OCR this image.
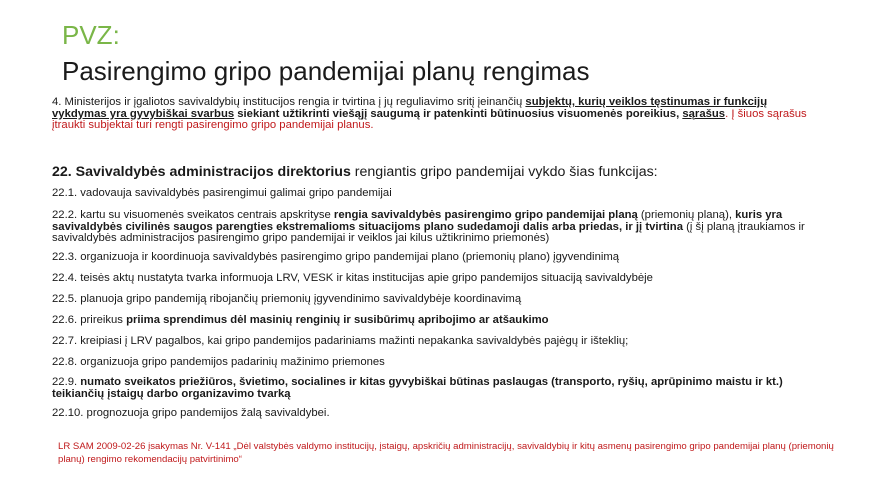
PVZ:
Pasirengimo gripo pandemijai planų rengimas
4. Ministerijos ir įgaliotos savivaldybių institucijos rengia ir tvirtina į jų reguliavimo sritį įeinančių subjektų, kurių veiklos tęstinumas ir funkcijų vykdymas yra gyvybiškai svarbus siekiant užtikrinti viešąjį saugumą ir patenkinti būtinuosius visuomenės poreikius, sąrašus. Į šiuos sąrašus įtraukti subjektai turi rengti pasirengimo gripo pandemijai planus.
22. Savivaldybės administracijos direktorius rengiantis gripo pandemijai vykdo šias funkcijas:
22.1. vadovauja savivaldybės pasirengimui galimai gripo pandemijai
22.2. kartu su visuomenės sveikatos centrais apskrityse rengia savivaldybės pasirengimo gripo pandemijai planą (priemonių planą), kuris yra savivaldybės civilinės saugos parengties ekstremalioms situacijoms plano sudedamoji dalis arba priedas, ir jį tvirtina (į šį planą įtraukiamos ir savivaldybės administracijos pasirengimo gripo pandemijai ir veiklos jai kilus užtikrinimo priemonės)
22.3. organizuoja ir koordinuoja savivaldybės pasirengimo gripo pandemijai plano (priemonių plano) įgyvendinimą
22.4. teisės aktų nustatyta tvarka informuoja LRV, VESK ir kitas institucijas apie gripo pandemijos situaciją savivaldybėje
22.5. planuoja gripo pandemiją ribojančių priemonių įgyvendinimo savivaldybėje koordinavimą
22.6. prireikus priima sprendimus dėl masinių renginių ir susibūrimų apribojimo ar atšaukimo
22.7. kreipiasi į LRV pagalbos, kai gripo pandemijos padariniams mažinti nepakanka savivaldybės pajėgų ir išteklių;
22.8. organizuoja gripo pandemijos padarinių mažinimo priemones
22.9. numato sveikatos priežiūros, švietimo, socialines ir kitas gyvybiškai būtinas paslaugas (transporto, ryšių, aprūpinimo maistu ir kt.) teikiančių įstaigų darbo organizavimo tvarką
22.10. prognozuoja gripo pandemijos žalą savivaldybei.
LR SAM 2009-02-26 įsakymas Nr. V-141 „Dėl valstybės valdymo institucijų, įstaigų, apskričių administracijų, savivaldybių ir kitų asmenų pasirengimo gripo pandemijai planų (priemonių planų) rengimo rekomendacijų patvirtinimo“
